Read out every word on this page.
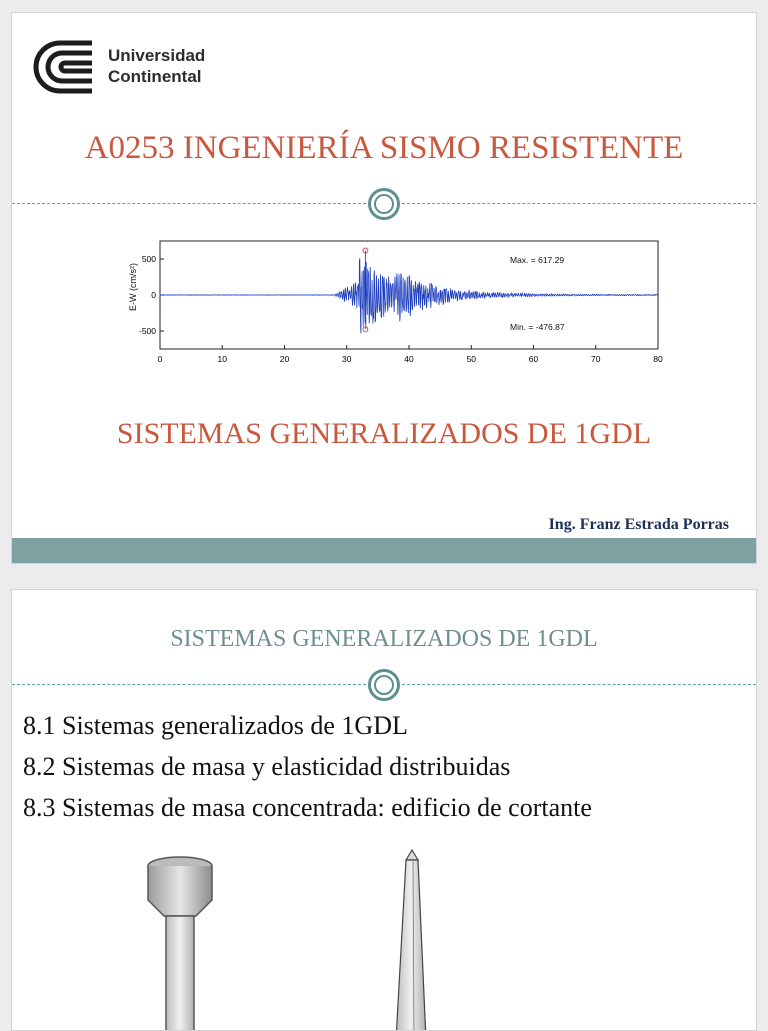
Universidad
Continental
A0253 INGENIERÍA SISMO RESISTENTE
E-W (cm/s²)
0	10	20	30	40	50	60	70	80
500
0
-500
Max. = 617.29
Min. = -476.87
SISTEMAS GENERALIZADOS DE 1GDL
Ing. Franz Estrada Porras
SISTEMAS GENERALIZADOS DE 1GDL
8.1 Sistemas generalizados de 1GDL
8.2 Sistemas de masa y elasticidad distribuidas
8.3 Sistemas de masa concentrada: edificio de cortante
